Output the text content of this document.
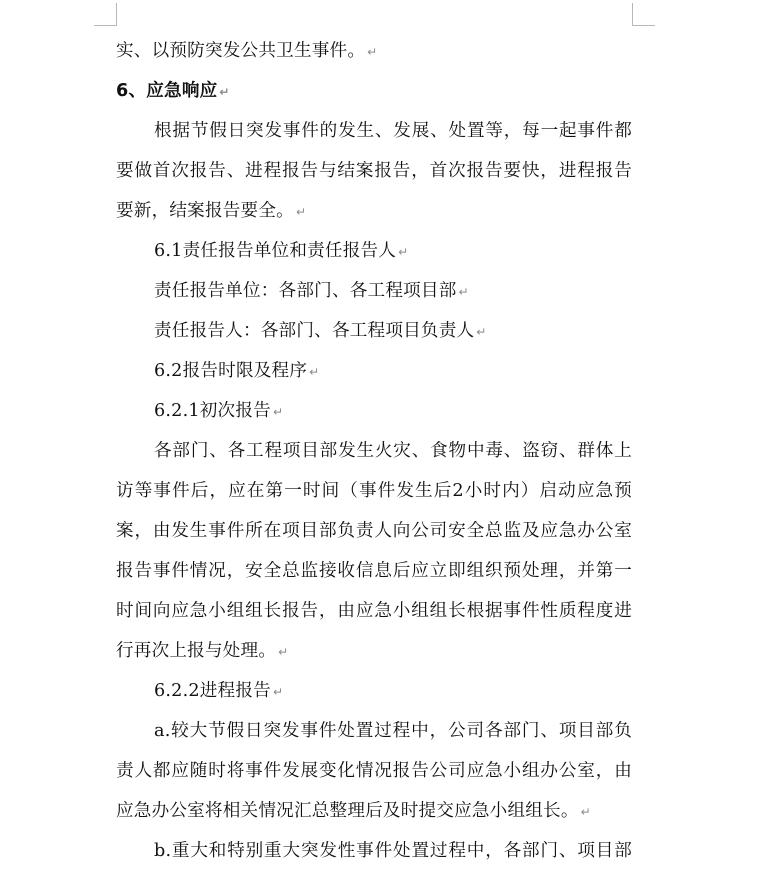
实、以预防突发公共卫生事件。 ↵
6、应急响应 ↵
根据节假日突发事件的发生、发展、处置等，每一起事件都
要做首次报告、进程报告与结案报告，首次报告要快，进程报告
要新，结案报告要全。 ↵
6.1责任报告单位和责任报告人 ↵
责任报告单位：各部门、各工程项目部 ↵
责任报告人：各部门、各工程项目负责人 ↵
6.2报告时限及程序 ↵
6.2.1初次报告 ↵
各部门、各工程项目部发生火灾、食物中毒、盗窃、群体上
访等事件后，应在第一时间（事件发生后2小时内）启动应急预
案，由发生事件所在项目部负责人向公司安全总监及应急办公室
报告事件情况，安全总监接收信息后应立即组织预处理，并第一
时间向应急小组组长报告，由应急小组组长根据事件性质程度进
行再次上报与处理。 ↵
6.2.2进程报告 ↵
a.较大节假日突发事件处置过程中，公司各部门、项目部负
责人都应随时将事件发展变化情况报告公司应急小组办公室，由
应急办公室将相关情况汇总整理后及时提交应急小组组长。 ↵
b.重大和特别重大突发性事件处置过程中，各部门、项目部
